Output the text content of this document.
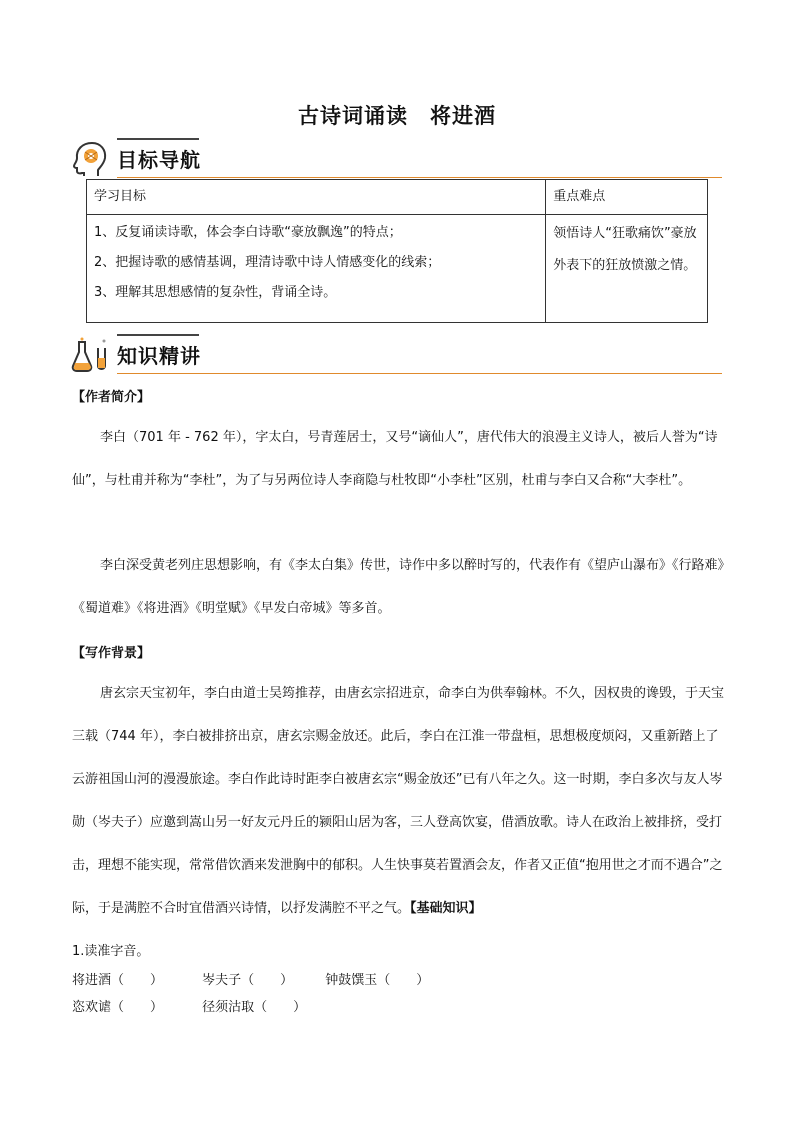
古诗词诵读 将进酒
目标导航
学习目标	重点难点

1、反复诵读诗歌，体会李白诗歌“豪放飘逸”的特点；
2、把握诗歌的感情基调，理清诗歌中诗人情感变化的线索；
3、理解其思想感情的复杂性，背诵全诗。	领悟诗人“狂歌痛饮”豪放外表下的狂放愤激之情。
知识精讲
【作者简介】

李白（701 年 - 762 年），字太白，号青莲居士，又号“谪仙人”，唐代伟大的浪漫主义诗人，被后人誉为“诗仙”，与杜甫并称为“李杜”，为了与另两位诗人李商隐与杜牧即“小李杜”区别，杜甫与李白又合称“大李杜”。

李白深受黄老列庄思想影响，有《李太白集》传世，诗作中多以醉时写的，代表作有《望庐山瀑布》《行路难》《蜀道难》《将进酒》《明堂赋》《早发白帝城》等多首。

【写作背景】

唐玄宗天宝初年，李白由道士吴筠推荐，由唐玄宗招进京，命李白为供奉翰林。不久，因权贵的谗毁，于天宝三载（744 年），李白被排挤出京，唐玄宗赐金放还。此后，李白在江淮一带盘桓，思想极度烦闷，又重新踏上了云游祖国山河的漫漫旅途。李白作此诗时距李白被唐玄宗“赐金放还”已有八年之久。这一时期，李白多次与友人岑勋（岑夫子）应邀到嵩山另一好友元丹丘的颍阳山居为客，三人登高饮宴，借酒放歌。诗人在政治上被排挤，受打击，理想不能实现，常常借饮酒来发泄胸中的郁积。人生快事莫若置酒会友，作者又正值“抱用世之才而不遇合”之际，于是满腔不合时宜借酒兴诗情，以抒发满腔不平之气。【基础知识】

1.读准字音。
将进酒（　　）	岑夫子（　　） 钟鼓馔玉（　　）
恣欢谑（　　）	径须沽取（　　）
